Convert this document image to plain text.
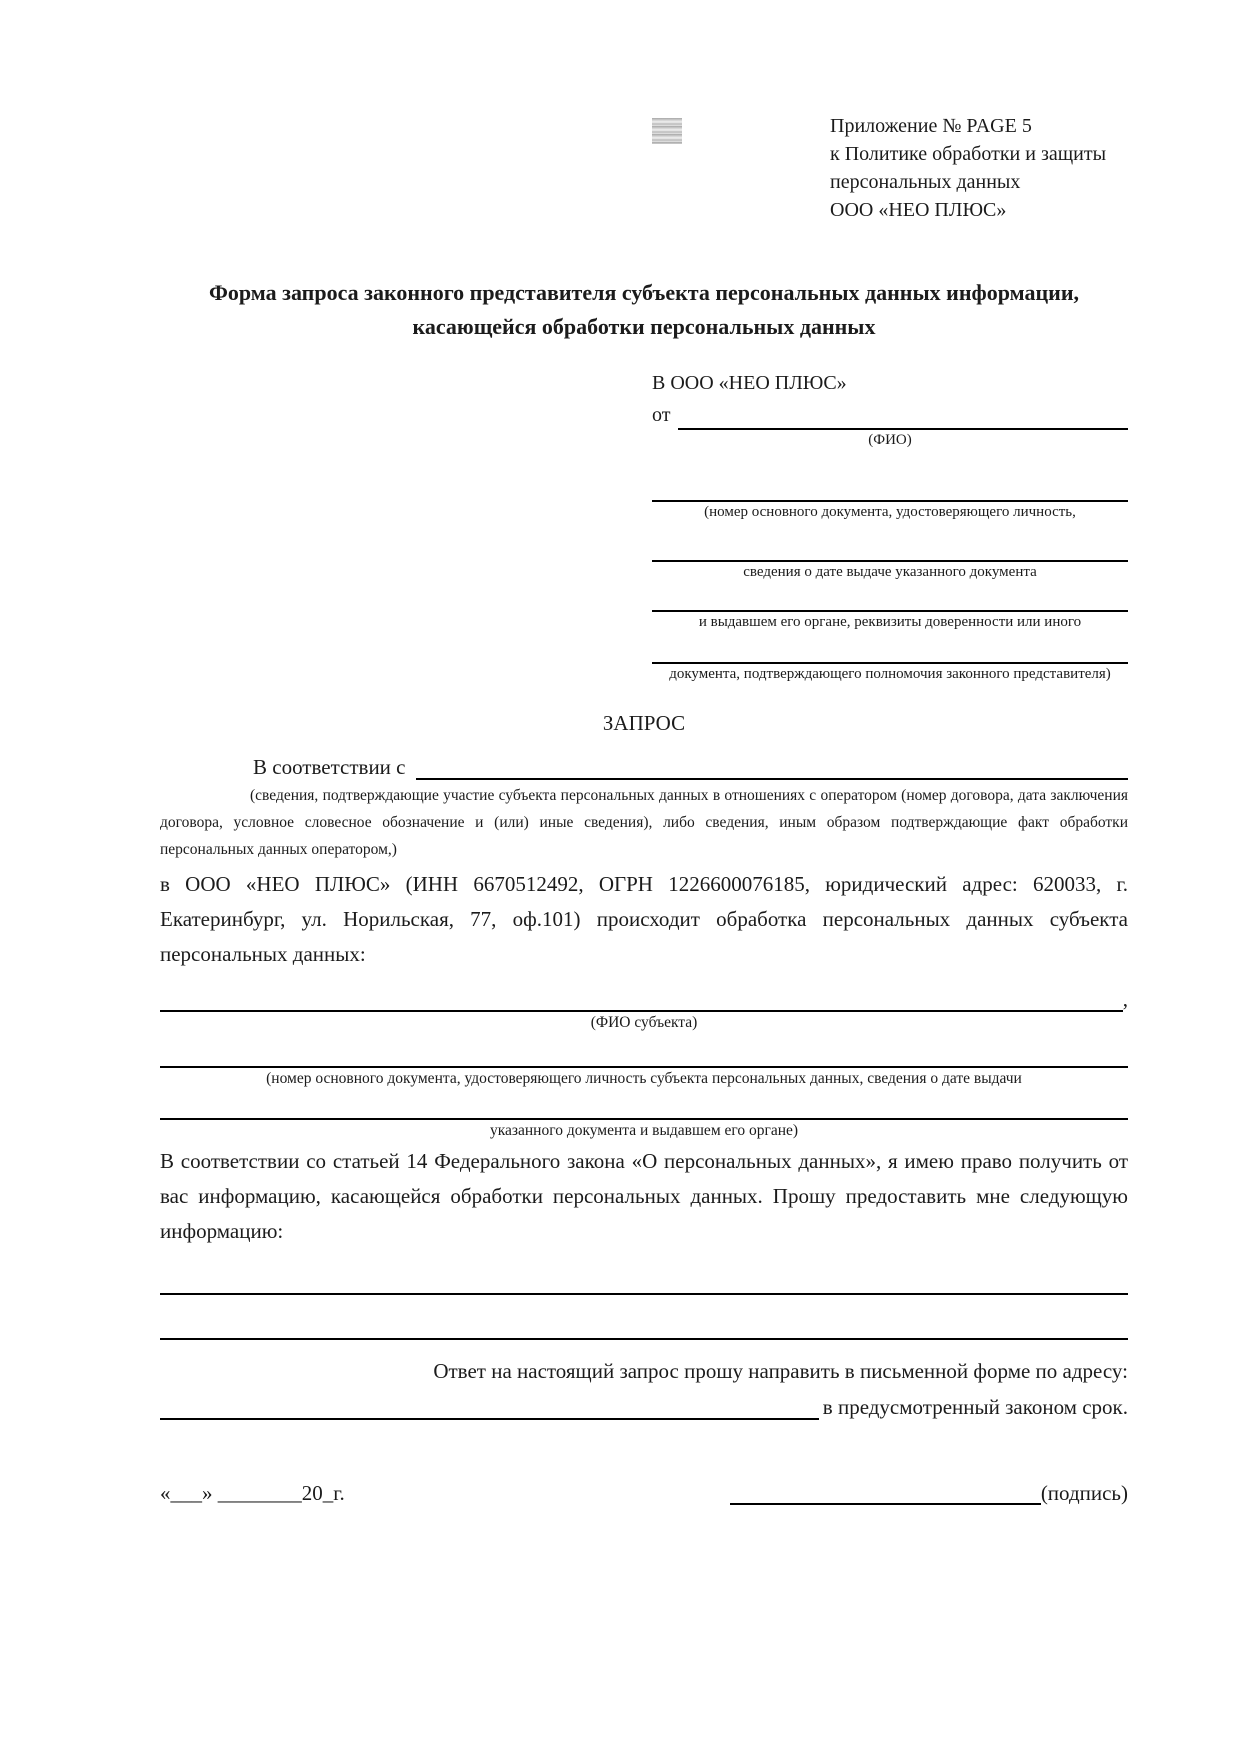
Приложение № PAGE 5
к Политике обработки и защиты
персональных данных
ООО «НЕО ПЛЮС»
Форма запроса законного представителя субъекта персональных данных информации, касающейся обработки персональных данных
В ООО «НЕО ПЛЮС»
от
(ФИО)
(номер основного документа, удостоверяющего личность,
сведения о дате выдаче указанного документа
и выдавшем его органе, реквизиты доверенности или иного
документа, подтверждающего полномочия законного представителя)
ЗАПРОС
В соответствии с
(сведения, подтверждающие участие субъекта персональных данных в отношениях с оператором (номер договора, дата заключения договора, условное словесное обозначение и (или) иные сведения), либо сведения, иным образом подтверждающие факт обработки персональных данных оператором,)
в ООО «НЕО ПЛЮС» (ИНН 6670512492, ОГРН 1226600076185, юридический адрес: 620033, г. Екатеринбург, ул. Норильская, 77, оф.101) происходит обработка персональных данных субъекта персональных данных:
,
(ФИО субъекта)
(номер основного документа, удостоверяющего личность субъекта персональных данных, сведения о дате выдачи
указанного документа и выдавшем его органе)
В соответствии со статьей 14 Федерального закона «О персональных данных», я имею право получить от вас информацию, касающейся обработки персональных данных. Прошу предоставить мне следующую информацию:
Ответ на настоящий запрос прошу направить в письменной форме по адресу:
в предусмотренный законом срок.
«___» ________20_г.	(подпись)
